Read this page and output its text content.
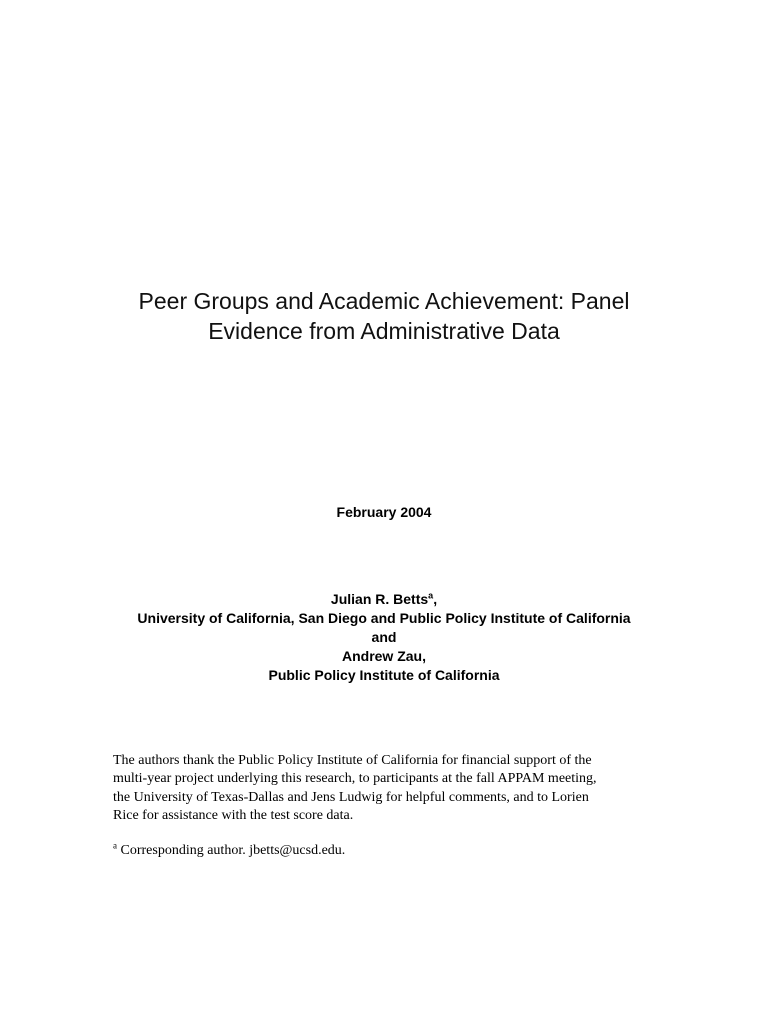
Peer Groups and Academic Achievement: Panel
Evidence from Administrative Data
February 2004
Julian R. Betts$^a$,
University of California, San Diego and Public Policy Institute of California
and
Andrew Zau,
Public Policy Institute of California
The authors thank the Public Policy Institute of California for financial support of the
multi-year project underlying this research, to participants at the fall APPAM meeting,
the University of Texas-Dallas and Jens Ludwig for helpful comments, and to Lorien
Rice for assistance with the test score data.
$^a$ Corresponding author. jbetts@ucsd.edu.
